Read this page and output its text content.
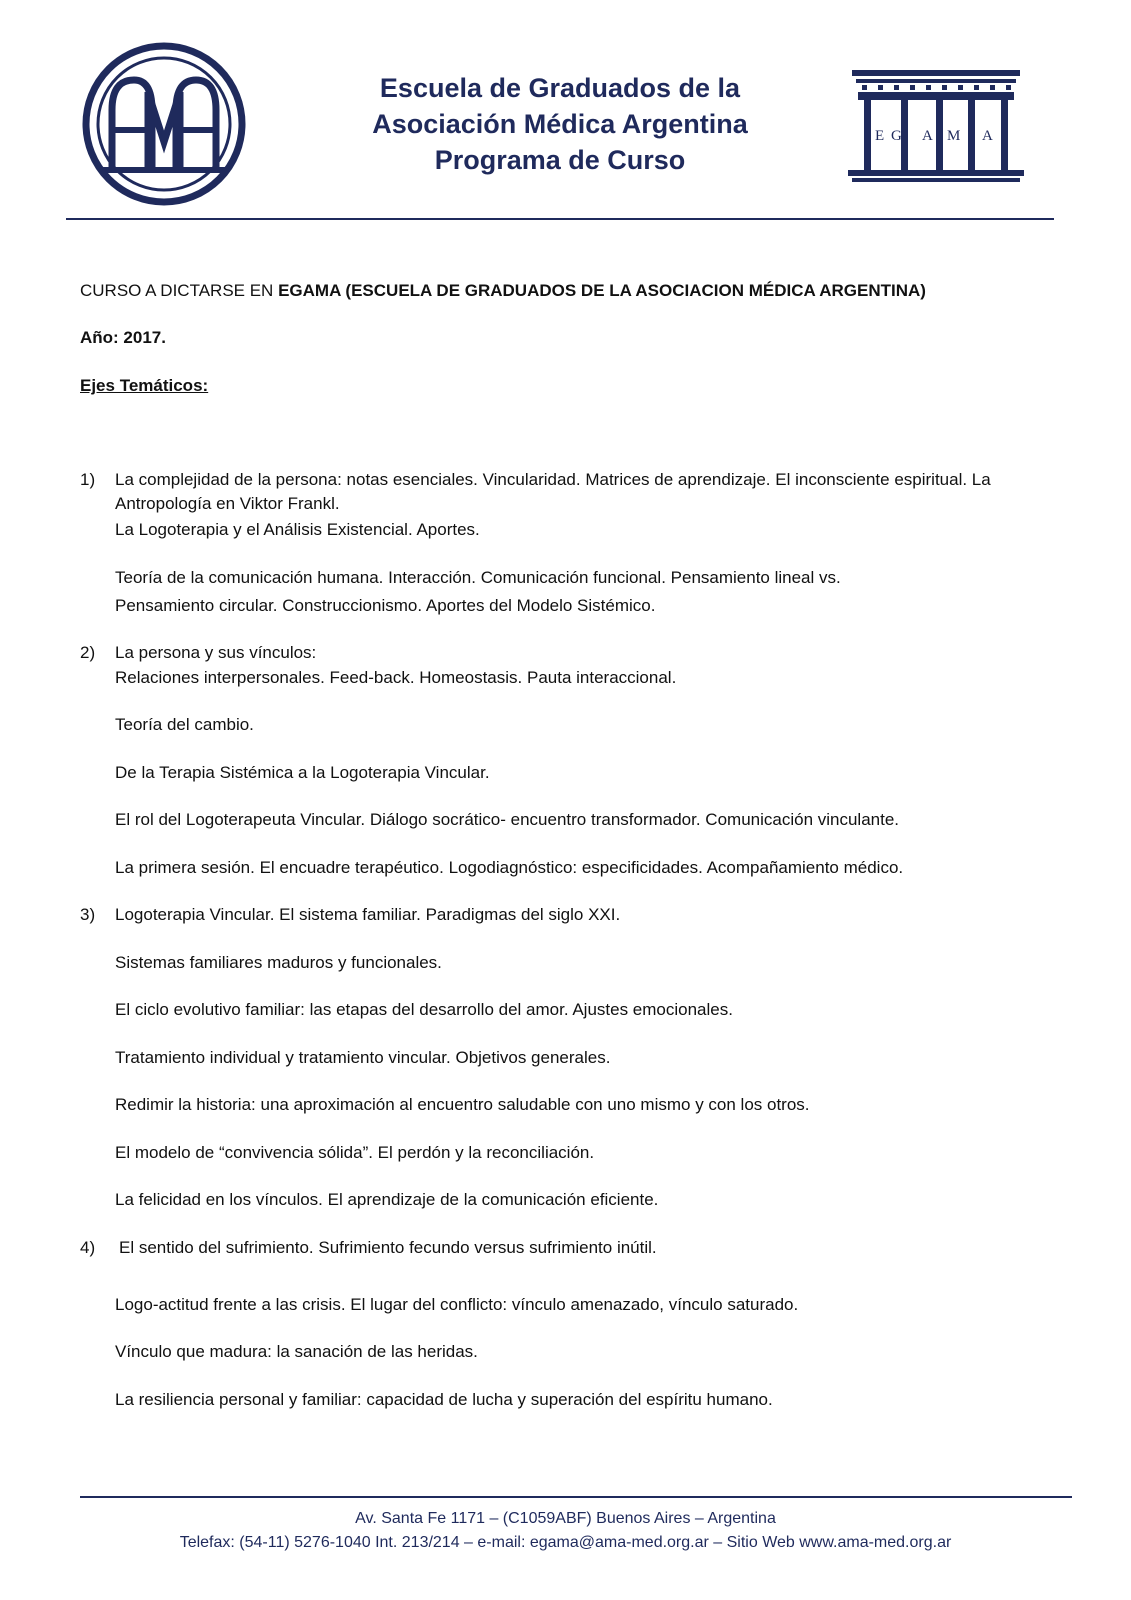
Escuela de Graduados de la
Asociación Médica Argentina
Programa de Curso
E G A M A
CURSO A DICTARSE EN EGAMA (ESCUELA DE GRADUADOS DE LA ASOCIACION MÉDICA ARGENTINA)
Año: 2017.
Ejes Temáticos:
1) La complejidad de la persona: notas esenciales. Vincularidad. Matrices de aprendizaje. El inconsciente espiritual. La Antropología en Viktor Frankl.
La Logoterapia y el Análisis Existencial. Aportes.
Teoría de la comunicación humana. Interacción. Comunicación funcional. Pensamiento lineal vs.
Pensamiento circular. Construccionismo. Aportes del Modelo Sistémico.
2) La persona y sus vínculos:
Relaciones interpersonales. Feed-back. Homeostasis. Pauta interaccional.
Teoría del cambio.
De la Terapia Sistémica a la Logoterapia Vincular.
El rol del Logoterapeuta Vincular. Diálogo socrático- encuentro transformador. Comunicación vinculante.
La primera sesión. El encuadre terapéutico. Logodiagnóstico: especificidades. Acompañamiento médico.
3) Logoterapia Vincular. El sistema familiar. Paradigmas del siglo XXI.
Sistemas familiares maduros y funcionales.
El ciclo evolutivo familiar: las etapas del desarrollo del amor. Ajustes emocionales.
Tratamiento individual y tratamiento vincular. Objetivos generales.
Redimir la historia: una aproximación al encuentro saludable con uno mismo y con los otros.
El modelo de “convivencia sólida”. El perdón y la reconciliación.
La felicidad en los vínculos. El aprendizaje de la comunicación eficiente.
4) El sentido del sufrimiento. Sufrimiento fecundo versus sufrimiento inútil.
Logo-actitud frente a las crisis. El lugar del conflicto: vínculo amenazado, vínculo saturado.
Vínculo que madura: la sanación de las heridas.
La resiliencia personal y familiar: capacidad de lucha y superación del espíritu humano.
Av. Santa Fe 1171 – (C1059ABF) Buenos Aires – Argentina
Telefax: (54-11) 5276-1040 Int. 213/214 – e-mail: egama@ama-med.org.ar – Sitio Web www.ama-med.org.ar
